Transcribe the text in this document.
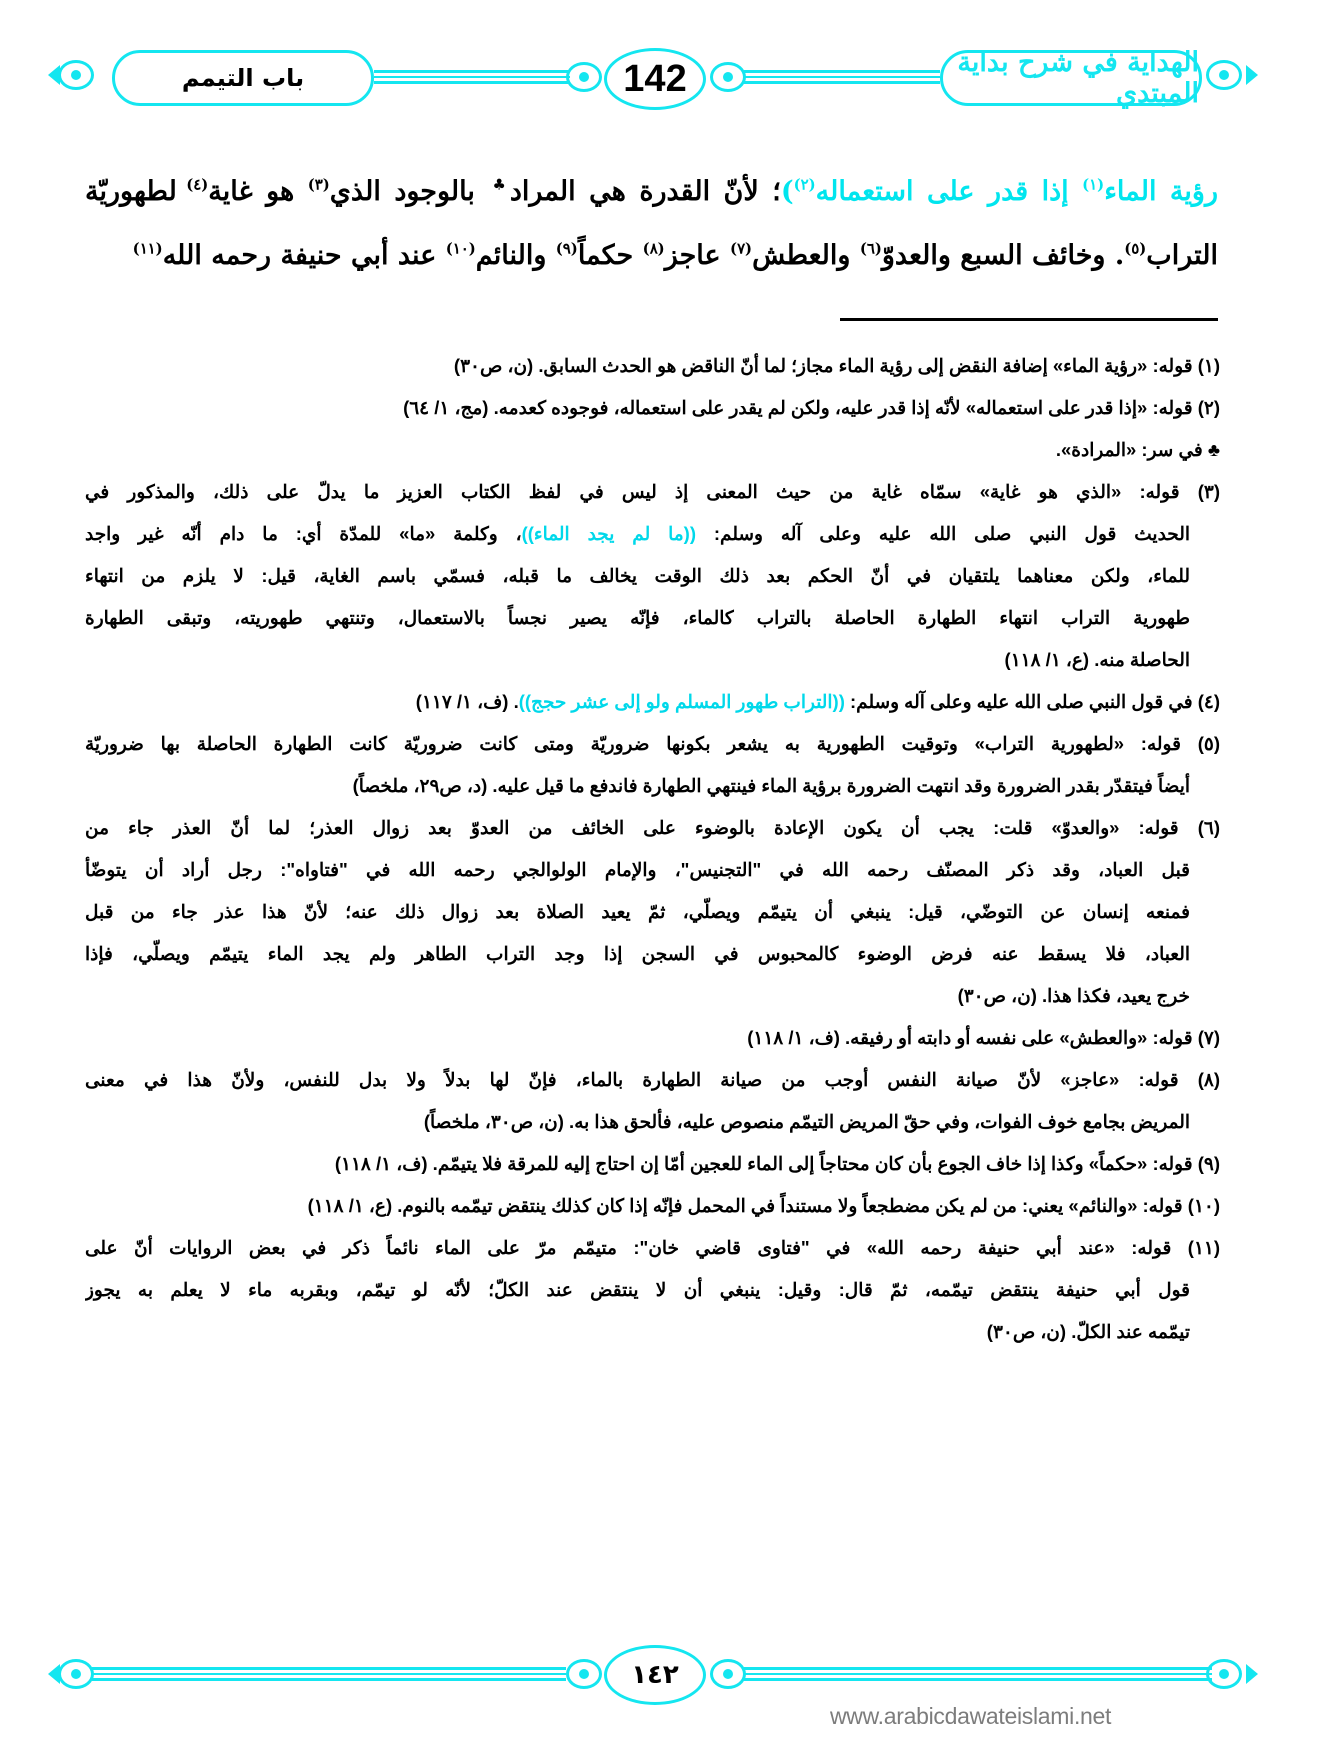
باب التيمم	142	الهداية في شرح بداية المبتدي
رؤية الماء$^{(١)}$ إذا قدر على استعماله$^{(٢)}$)؛ لأنّ القدرة هي المراد♣ بالوجود الذي$^{(٣)}$ هو غاية$^{(٤)}$ لطهوريّة
التراب$^{(٥)}$. وخائف السبع والعدوّ$^{(٦)}$ والعطش$^{(٧)}$ عاجز$^{(٨)}$ حكماً$^{(٩)}$ والنائم$^{(١٠)}$ عند أبي حنيفة رحمه الله$^{(١١)}$
(١) قوله: «رؤية الماء» إضافة النقض إلى رؤية الماء مجاز؛ لما أنّ الناقض هو الحدث السابق. (ن، ص٣٠)
(٢) قوله: «إذا قدر على استعماله» لأنّه إذا قدر عليه، ولكن لم يقدر على استعماله، فوجوده كعدمه. (مج، ١/ ٦٤)
♣ في سر: «المرادة».
(٣) قوله: «الذي هو غاية» سمّاه غاية من حيث المعنى إذ ليس في لفظ الكتاب العزيز ما يدلّ على ذلك، والمذكور في
الحديث قول النبي صلى الله عليه وعلى آله وسلم: ((ما لم يجد الماء))، وكلمة «ما» للمدّة أي: ما دام أنّه غير واجد
للماء، ولكن معناهما يلتقيان في أنّ الحكم بعد ذلك الوقت يخالف ما قبله، فسمّي باسم الغاية، قيل: لا يلزم من انتهاء
طهورية التراب انتهاء الطهارة الحاصلة بالتراب كالماء، فإنّه يصير نجساً بالاستعمال، وتنتهي طهوريته، وتبقى الطهارة
الحاصلة منه. (ع، ١/ ١١٨)
(٤) في قول النبي صلى الله عليه وعلى آله وسلم: ((التراب طهور المسلم ولو إلى عشر حجج)). (ف، ١/ ١١٧)
(٥) قوله: «لطهورية التراب» وتوقيت الطهورية به يشعر بكونها ضروريّة ومتى كانت ضروريّة كانت الطهارة الحاصلة بها ضروريّة
أيضاً فيتقدّر بقدر الضرورة وقد انتهت الضرورة برؤية الماء فينتهي الطهارة فاندفع ما قيل عليه. (د، ص٢٩، ملخصاً)
(٦) قوله: «والعدوّ» قلت: يجب أن يكون الإعادة بالوضوء على الخائف من العدوّ بعد زوال العذر؛ لما أنّ العذر جاء من
قبل العباد، وقد ذكر المصنّف رحمه الله في "التجنيس"، والإمام الولوالجي رحمه الله في "فتاواه": رجل أراد أن يتوضّأ
فمنعه إنسان عن التوضّي، قيل: ينبغي أن يتيمّم ويصلّي، ثمّ يعيد الصلاة بعد زوال ذلك عنه؛ لأنّ هذا عذر جاء من قبل
العباد، فلا يسقط عنه فرض الوضوء كالمحبوس في السجن إذا وجد التراب الطاهر ولم يجد الماء يتيمّم ويصلّي، فإذا
خرج يعيد، فكذا هذا. (ن، ص٣٠)
(٧) قوله: «والعطش» على نفسه أو دابته أو رفيقه. (ف، ١/ ١١٨)
(٨) قوله: «عاجز» لأنّ صيانة النفس أوجب من صيانة الطهارة بالماء، فإنّ لها بدلاً ولا بدل للنفس، ولأنّ هذا في معنى
المريض بجامع خوف الفوات، وفي حقّ المريض التيمّم منصوص عليه، فألحق هذا به. (ن، ص٣٠، ملخصاً)
(٩) قوله: «حكماً» وكذا إذا خاف الجوع بأن كان محتاجاً إلى الماء للعجين أمّا إن احتاج إليه للمرقة فلا يتيمّم. (ف، ١/ ١١٨)
(١٠) قوله: «والنائم» يعني: من لم يكن مضطجعاً ولا مستنداً في المحمل فإنّه إذا كان كذلك ينتقض تيمّمه بالنوم. (ع، ١/ ١١٨)
(١١) قوله: «عند أبي حنيفة رحمه الله» في "فتاوى قاضي خان": متيمّم مرّ على الماء نائماً ذكر في بعض الروايات أنّ على
قول أبي حنيفة ينتقض تيمّمه، ثمّ قال: وقيل: ينبغي أن لا ينتقض عند الكلّ؛ لأنّه لو تيمّم، وبقربه ماء لا يعلم به يجوز
تيمّمه عند الكلّ. (ن، ص٣٠)
١٤٢
www.arabicdawateislami.net
